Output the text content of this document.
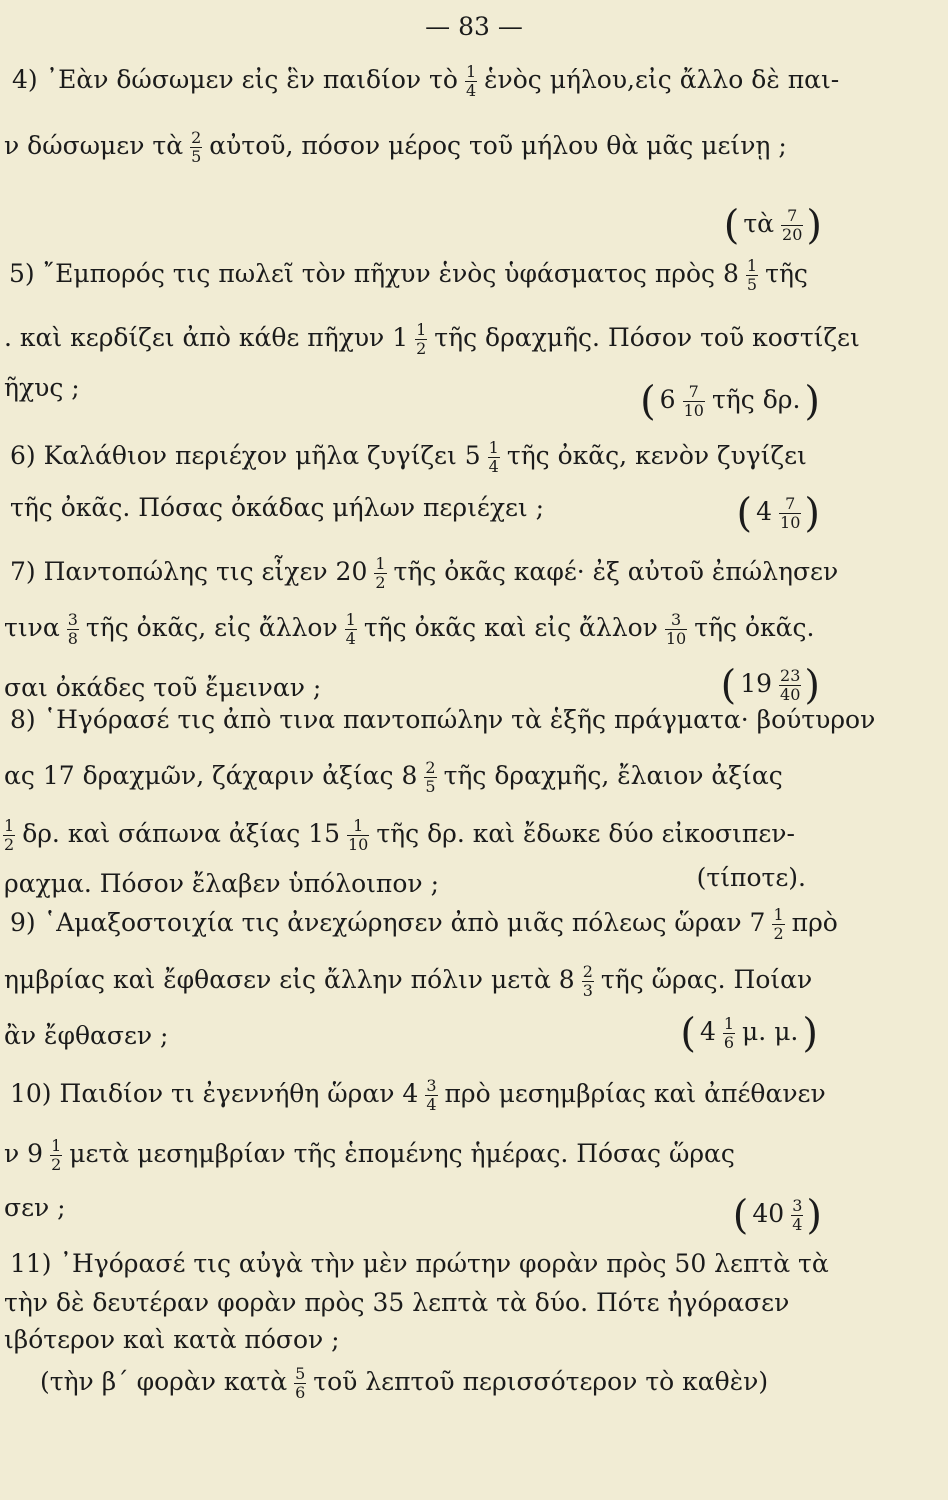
— 83 —
4) ᾿Εὰν δώσωμεν εἰς ἓν παιδίον τὸ $\frac{1}{4}$ ἑνὸς μήλου,εἰς ἄλλο δὲ παι-
ν δώσωμεν τὰ $\frac{2}{5}$ αὐτοῦ, πόσον μέρος τοῦ μήλου θὰ μᾶς μείνῃ ;
( τὰ $\frac{7}{20}$ )
5) ῎Εμπορός τις πωλεῖ τὸν πῆχυν ἑνὸς ὑφάσματος πρὸς $8 \frac{1}{5}$ τῆς
. καὶ κερδίζει ἀπὸ κάθε πῆχυν $1 \frac{1}{2}$ τῆς δραχμῆς. Πόσον τοῦ κοστίζει
ῆχυς ;	( $6 \frac{7}{10}$ τῆς δρ. )
6) Καλάθιον περιέχον μῆλα ζυγίζει $5 \frac{1}{4}$ τῆς ὀκᾶς, κενὸν ζυγίζει
τῆς ὀκᾶς. Πόσας ὀκάδας μήλων περιέχει ;	( $4 \frac{7}{10}$ )
7) Παντοπώλης τις εἶχεν $20 \frac{1}{2}$ τῆς ὀκᾶς καφέ· ἐξ αὐτοῦ ἐπώλησεν
τινα $\frac{3}{8}$ τῆς ὀκᾶς, εἰς ἄλλον $\frac{1}{4}$ τῆς ὀκᾶς καὶ εἰς ἄλλον $\frac{3}{10}$ τῆς ὀκᾶς.
σαι ὀκάδες τοῦ ἔμειναν ;	( $19 \frac{23}{40}$ )
8) ῾Ηγόρασέ τις ἀπὸ τινα παντοπώλην τὰ ἑξῆς πράγματα· βούτυρον
ας 17 δραχμῶν, ζάχαριν ἀξίας $8 \frac{2}{5}$ τῆς δραχμῆς, ἔλαιον ἀξίας
$\frac{1}{2} \delta\rho$. καὶ σάπωνα ἀξίας $15 \frac{1}{10}$ τῆς δρ. καὶ ἔδωκε δύο εἰκοσιπεν-
ραχμα. Πόσον ἔλαβεν ὑπόλοιπον ;	(τίποτε).
9) ῾Αμαξοστοιχία τις ἀνεχώρησεν ἀπὸ μιᾶς πόλεως ὥραν $7 \frac{1}{2}$ πρὸ
ημβρίας καὶ ἔφθασεν εἰς ἄλλην πόλιν μετὰ $8 \frac{2}{3}$ τῆς ὥρας. Ποίαν
ἂν ἔφθασεν ;	( $4 \frac{1}{6} \mu$. μ. )
10) Παιδίον τι ἐγεννήθη ὥραν $4 \frac{3}{4}$ πρὸ μεσημβρίας καὶ ἀπέθανεν
ν $9 \frac{1}{2}$ μετὰ μεσημβρίαν τῆς ἑπομένης ἡμέρας. Πόσας ὥρας
σεν ;	( $40 \frac{3}{4}$ )
11) ᾿Ηγόρασέ τις αὐγὰ τὴν μὲν πρώτην φορὰν πρὸς 50 λεπτὰ τὰ
τὴν δὲ δευτέραν φορὰν πρὸς 35 λεπτὰ τὰ δύο. Πότε ἠγόρασεν
ιβότερον καὶ κατὰ πόσον ;
(τὴν β΄ φορὰν κατὰ $\frac{5}{6}$ τοῦ λεπτοῦ περισσότερον τὸ καθὲν)
